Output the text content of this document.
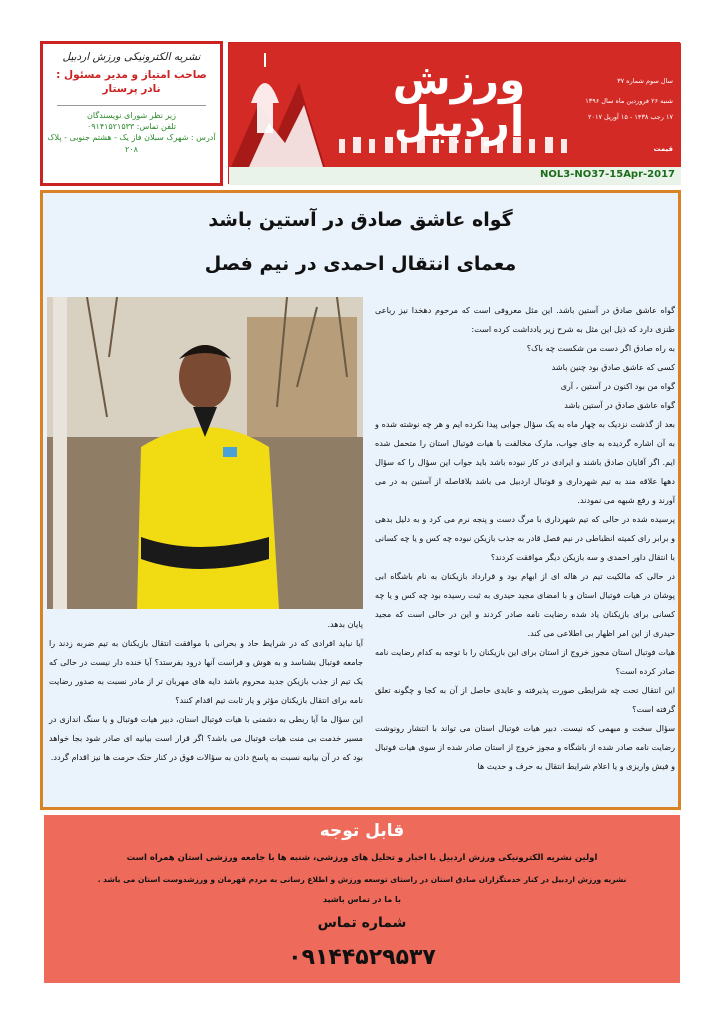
ورزش اردبیل
سال سوم شماره ۳۷
شنبه ۲۶ فروردین ماه سال ۱۳۹۶
۱۷ رجب ۱۴۳۸ - ۱۵ آوریل ۲۰۱۷
قیمت
NOL3-NO37-15Apr-2017
نشریه الکترونیکی ورزش اردبیل
صاحب امتیاز و مدیر مسئول :
نادر پرستار
زیر نظر شورای نویسندگان
تلفن تماس: ۰۹۱۴۱۵۲۱۵۳۳
آدرس : شهرک سبلان فاز یک - هشتم جنوبی - پلاک ۲۰۸
گواه عاشق صادق در آستین باشد
معمای انتقال احمدی در نیم فصل

گواه عاشق صادق در آستین باشد. این مثل معروفی است که مرحوم دهخدا نیز رباعی طنزی دارد که ذیل این مثل به شرح زیر یادداشت کرده است:

به راه صادق اگر دست من شکست چه باک؟

کسی که عاشق صادق بود چنین باشد

گواه من بود اکنون در آستین ، آری

گواه عاشق صادق در آستین باشد

بعد از گذشت نزدیک به چهار ماه به یک سؤال جوابی پیدا نکرده ایم و هر چه نوشته شده و به آن اشاره گردیده به جای جواب، مارک مخالفت با هیات فوتبال استان را متحمل شده ایم. اگر آقایان صادق باشند و ایرادی در کار نبوده باشد باید جواب این سؤال را که سؤال دهها علاقه مند به تیم شهرداری و فوتبال اردبیل می باشد بلافاصله از آستین به در می آورند و رفع شبهه می نمودند.

پرسیده شده در حالی که تیم شهرداری با مرگ دست و پنجه نرم می کرد و به دلیل بدهی و برابر رای کمیته انظباطی در نیم فصل قادر به جذب بازیکن نبوده چه کس و یا چه کسانی با انتقال داور احمدی و سه بازیکن دیگر موافقت کردند؟

در حالی که مالکیت تیم در هاله ای از ابهام بود و قرارداد بازیکنان به نام باشگاه ابی پوشان در هیات فوتبال استان و با امضای مجید حیدری به ثبت رسیده بود چه کس و یا چه کسانی برای بازیکنان یاد شده رضایت نامه صادر کردند و این در حالی است که مجید حیدری از این امر اظهار بی اطلاعی می کند.

هیات فوتبال استان مجوز خروج از استان برای این بازیکنان را با توجه به کدام رضایت نامه صادر کرده است؟

این انتقال تحت چه شرایطی صورت پذیرفته و عایدی حاصل از آن به کجا و چگونه تعلق گرفته است؟

سؤال سخت و مبهمی که نیست. دبیر هیات فوتبال استان می تواند با انتشار رونوشت رضایت نامه صادر شده از باشگاه و مجوز خروج از استان صادر شده از سوی هیات فوتبال و فیش واریزی و یا اعلام شرایط انتقال به حرف و حدیث ها

پایان بدهد.

آیا نباید افرادی که در شرایط حاد و بحرانی با موافقت انتقال بازیکنان به تیم ضربه زدند را جامعه فوتبال بشناسد و به هوش و فراست آنها درود بفرستد؟ آیا خنده دار نیست در حالی که یک تیم از جذب بازیکن جدید محروم باشد دایه های مهربان تر از مادر نسبت به صدور رضایت نامه برای انتقال بازیکنان مؤثر و یار ثابت تیم اقدام کنند؟

این سؤال ما آیا ربطی به دشمنی با هیات فوتبال استان، دبیر هیات فوتبال و یا سنگ اندازی در مسیر خدمت بی منت هیات فوتبال می باشد؟ اگر قرار است بیانیه ای صادر شود بجا خواهد بود که در آن بیانیه نسبت به پاسخ دادن به سؤالات فوق در کنار حتک حرمت ها نیز اقدام گردد.

قابل توجه
اولین نشریه الکترونیکی ورزش اردبیل با اخبار و تحلیل های ورزشی، شنبه ها با جامعه ورزشی استان همراه است
نشریه ورزش اردبیل در کنار خدمتگزاران صادق استان در راستای توسعه ورزش و اطلاع رسانی به مردم قهرمان و ورزشدوست استان می باشد .
با ما در تماس باشید
شماره تماس
۰۹۱۴۴۵۲۹۵۳۷
